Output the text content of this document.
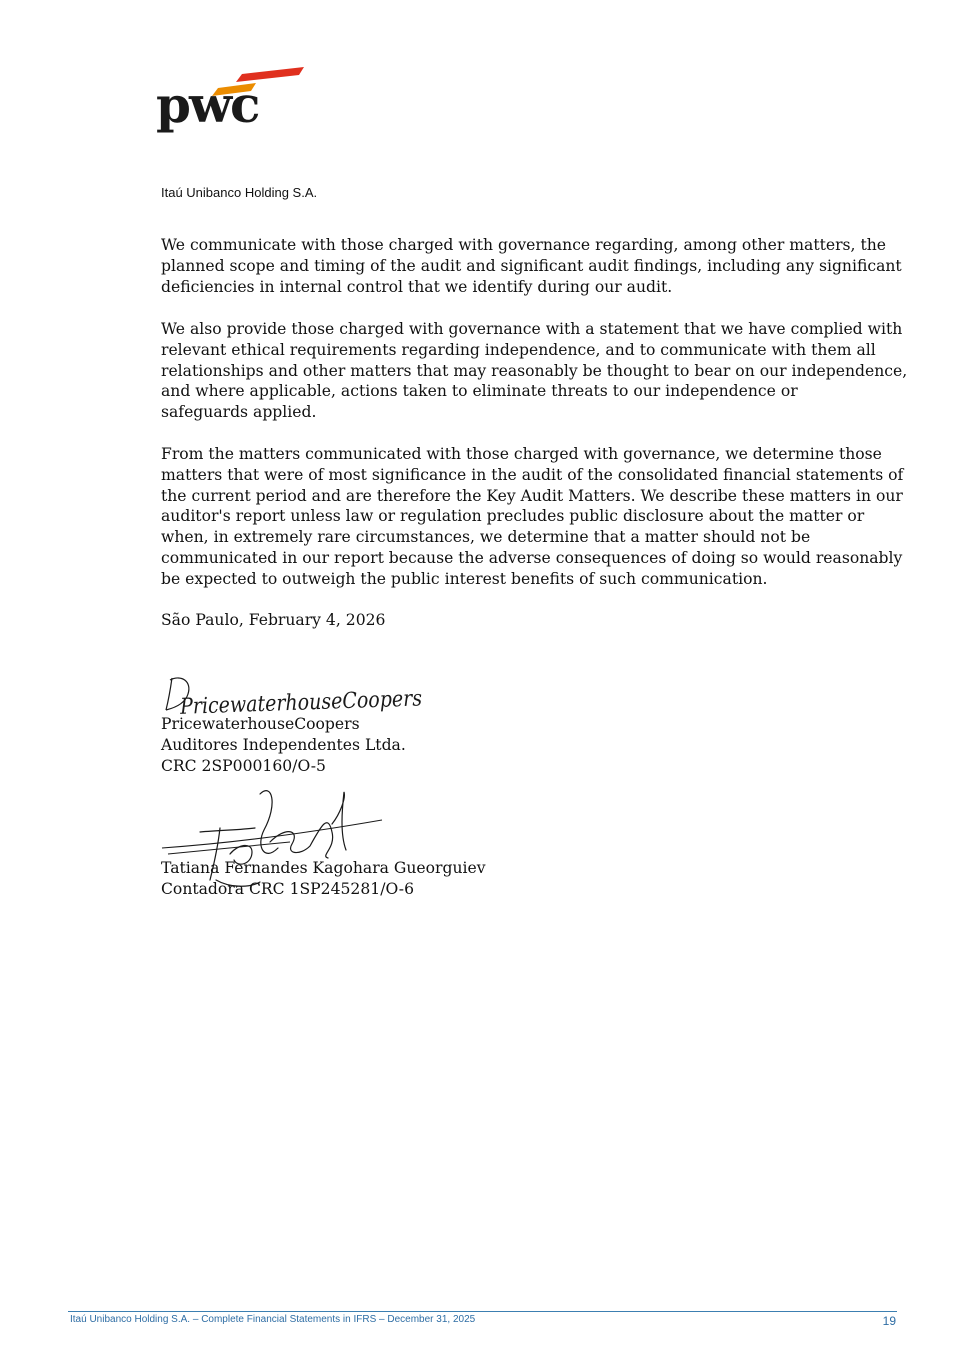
pwc
Itaú Unibanco Holding S.A.

We communicate with those charged with governance regarding, among other matters, the
planned scope and timing of the audit and significant audit findings, including any significant
deficiencies in internal control that we identify during our audit.

We also provide those charged with governance with a statement that we have complied with
relevant ethical requirements regarding independence, and to communicate with them all
relationships and other matters that may reasonably be thought to bear on our independence,
and where applicable, actions taken to eliminate threats to our independence or
safeguards applied.

From the matters communicated with those charged with governance, we determine those
matters that were of most significance in the audit of the consolidated financial statements of
the current period and are therefore the Key Audit Matters. We describe these matters in our
auditor's report unless law or regulation precludes public disclosure about the matter or
when, in extremely rare circumstances, we determine that a matter should not be
communicated in our report because the adverse consequences of doing so would reasonably
be expected to outweigh the public interest benefits of such communication.

São Paulo, February 4, 2026
PricewaterhouseCoopers
PricewaterhouseCoopers
Auditores Independentes Ltda.
CRC 2SP000160/O-5
Tatiana Fernandes Kagohara Gueorguiev
Contadora CRC 1SP245281/O-6
Itaú Unibanco Holding S.A. – Complete Financial Statements in IFRS – December 31, 2025	19
